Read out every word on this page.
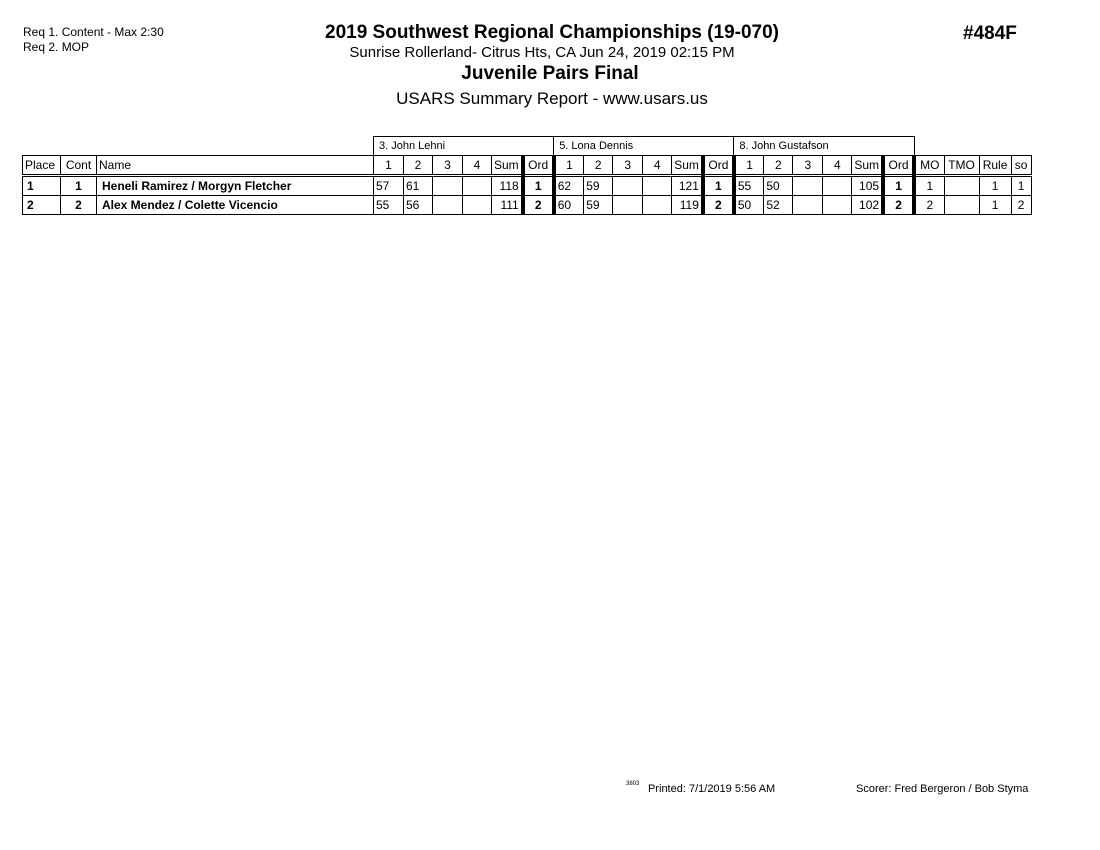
Req 1. Content - Max 2:30
Req 2. MOP
2019 Southwest Regional Championships (19-070)
Sunrise Rollerland- Citrus Hts, CA Jun 24, 2019 02:15 PM
Juvenile Pairs Final
USARS Summary Report - www.usars.us
#484F
			3. John Lehni						5. Lona Dennis						8. John Gustafson									
Place	Cont	Name	1	2	3	4	Sum	Ord	1	2	3	4	Sum	Ord	1	2	3	4	Sum	Ord	MO	TMO	Rule	so
1	1	Heneli Ramirez / Morgyn Fletcher	57	61			118	1	62	59			121	1	55	50			105	1	1		1	1
2	2	Alex Mendez / Colette Vicencio	55	56			111	2	60	59			119	2	50	52			102	2	2		1	2
3803 Printed: 7/1/2019 5:56 AM	Scorer: Fred Bergeron / Bob Styma
